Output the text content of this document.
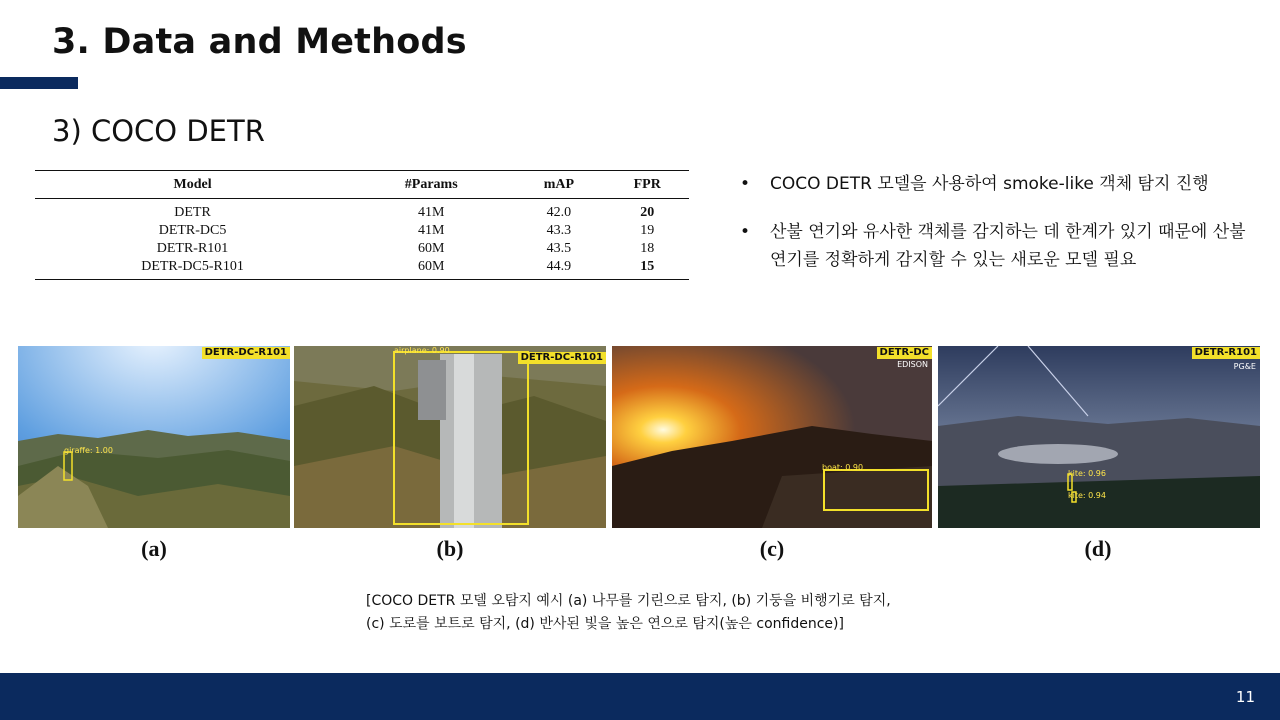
3. Data and Methods
3) COCO DETR
Model	#Params	mAP	FPR
DETR	41M	42.0	20
DETR-DC5	41M	43.3	19
DETR-R101	60M	43.5	18
DETR-DC5-R101	60M	44.9	15
• COCO DETR 모델을 사용하여 smoke-like 객체 탐지 진행
• 산불 연기와 유사한 객체를 감지하는 데 한계가 있기 때문에 산불 연기를 정확하게 감지할 수 있는 새로운 모델 필요
DETR-DC-R101
giraffe: 1.00
DETR-DC-R101
airplane: 0.90	DETR-DC
EDISON
boat: 0.90
DETR-R101
PG&E
kite: 0.96
kite: 0.94
(a)	(b)	(c)	(d)
[COCO DETR 모델 오탐지 예시 (a) 나무를 기린으로 탐지, (b) 기둥을 비행기로 탐지,
(c) 도로를 보트로 탐지, (d) 반사된 빛을 높은 연으로 탐지(높은 confidence)]
11
